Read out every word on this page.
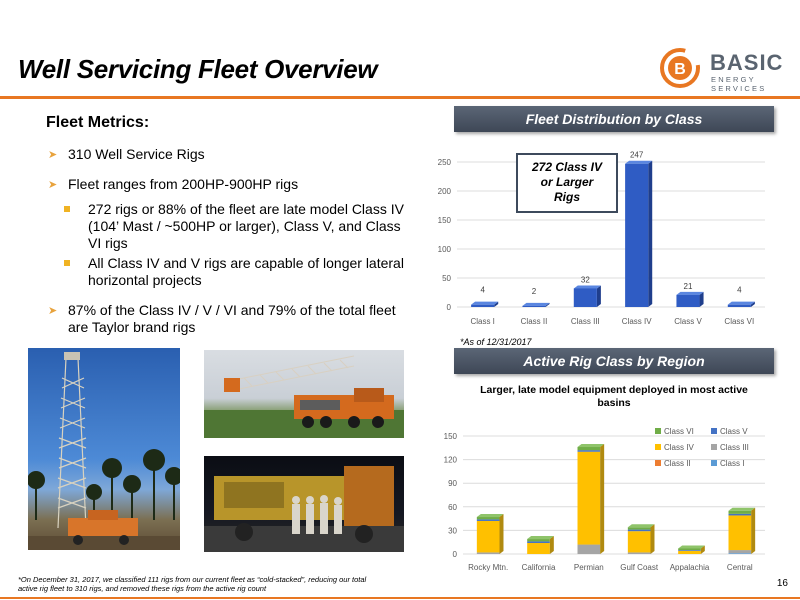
Well Servicing Fleet Overview	B BASIC
ENERGY SERVICES
Fleet Metrics:
➤ 310 Well Service Rigs
➤ Fleet ranges from 200HP-900HP rigs
272 rigs or 88% of the fleet are late model Class IV (104’ Mast / ~500HP or larger), Class V, and Class VI rigs
All Class IV and V rigs are capable of longer lateral horizontal projects
➤ 87% of the Class IV / V / VI and 79% of the total fleet are Taylor brand rigs
Fleet Distribution by Class
0
50
100
150
200
250
4
Class I
2
Class II
32
Class III
247
Class IV
21
Class V
4
Class VI
272 Class IV
or Larger
Rigs
*As of 12/31/2017
Active Rig Class by Region
Larger, late model equipment deployed in most active basins
0
30
60
90
120
150
Rocky Mtn. California Permian Gulf Coast Appalachia Central
Class VI	Class V
Class IV	Class III
Class II	Class I
*On December 31, 2017, we classified 111 rigs from our current fleet as “cold-stacked”, reducing our total active rig fleet to 310 rigs, and removed these rigs from the active rig count	16
